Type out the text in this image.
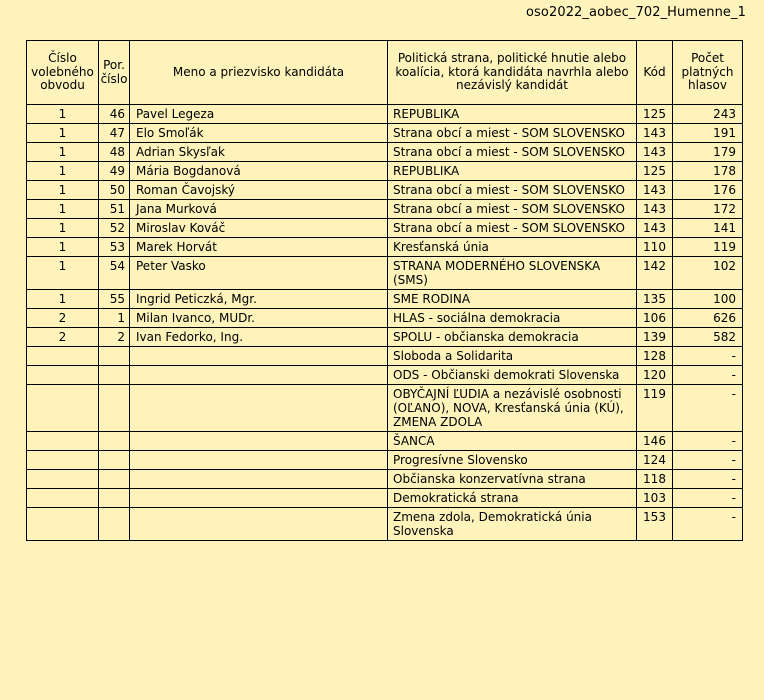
oso2022_aobec_702_Humenne_1
Číslo volebného obvodu	Por. číslo	Meno a priezvisko kandidáta	Politická strana, politické hnutie alebo koalícia, ktorá kandidáta navrhla alebo nezávislý kandidát	Kód	Počet platných hlasov
1	46	Pavel Legeza	REPUBLIKA	125	243
1	47	Elo Smoľák	Strana obcí a miest - SOM SLOVENSKO	143	191
1	48	Adrian Skysľak	Strana obcí a miest - SOM SLOVENSKO	143	179
1	49	Mária Bogdanová	REPUBLIKA	125	178
1	50	Roman Čavojský	Strana obcí a miest - SOM SLOVENSKO	143	176
1	51	Jana Murková	Strana obcí a miest - SOM SLOVENSKO	143	172
1	52	Miroslav Kováč	Strana obcí a miest - SOM SLOVENSKO	143	141
1	53	Marek Horvát	Kresťanská únia	110	119
1	54	Peter Vasko	STRANA MODERNÉHO SLOVENSKA (SMS)	142	102
1	55	Ingrid Peticzká, Mgr.	SME RODINA	135	100
2	1	Milan Ivanco, MUDr.	HLAS - sociálna demokracia	106	626
2	2	Ivan Fedorko, Ing.	SPOLU - občianska demokracia	139	582
			Sloboda a Solidarita	128	-
			ODS - Občianski demokrati Slovenska	120	-
			OBYČAJNÍ ĽUDIA a nezávislé osobnosti (OĽANO), NOVA, Kresťanská únia (KÚ), ZMENA ZDOLA	119	-
			ŠANCA	146	-
			Progresívne Slovensko	124	-
			Občianska konzervatívna strana	118	-
			Demokratická strana	103	-
			Zmena zdola, Demokratická únia Slovenska	153	-
